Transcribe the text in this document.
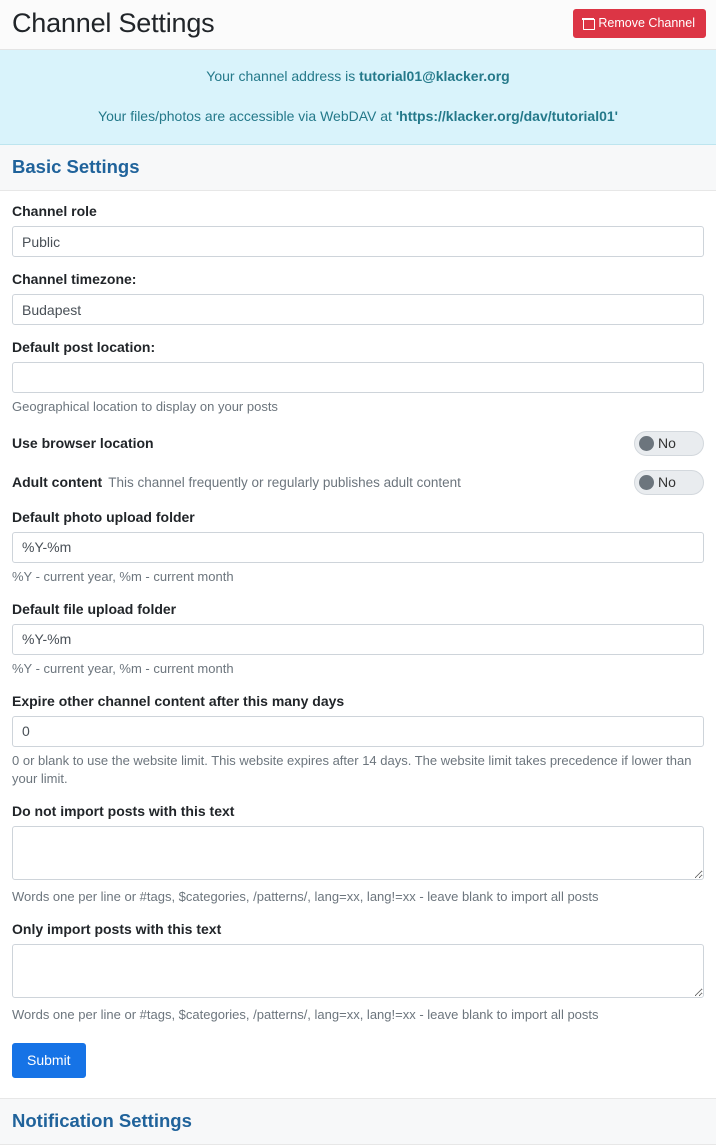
Channel Settings	Remove Channel

Your channel address is tutorial01@klacker.org

Your files/photos are accessible via WebDAV at 'https://klacker.org/dav/tutorial01'

Basic Settings
Channel role
Public
Channel timezone:
Budapest
Default post location:
Geographical location to display on your posts
Use browser location	No
Adult content This channel frequently or regularly publishes adult content	No
Default photo upload folder
%Y-%m
%Y - current year, %m - current month
Default file upload folder
%Y-%m
%Y - current year, %m - current month
Expire other channel content after this many days
0
0 or blank to use the website limit. This website expires after 14 days. The website limit takes precedence if lower than your limit.
Do not import posts with this text
Words one per line or #tags, $categories, /patterns/, lang=xx, lang!=xx - leave blank to import all posts
Only import posts with this text
Words one per line or #tags, $categories, /patterns/, lang=xx, lang!=xx - leave blank to import all posts
Submit
Notification Settings
